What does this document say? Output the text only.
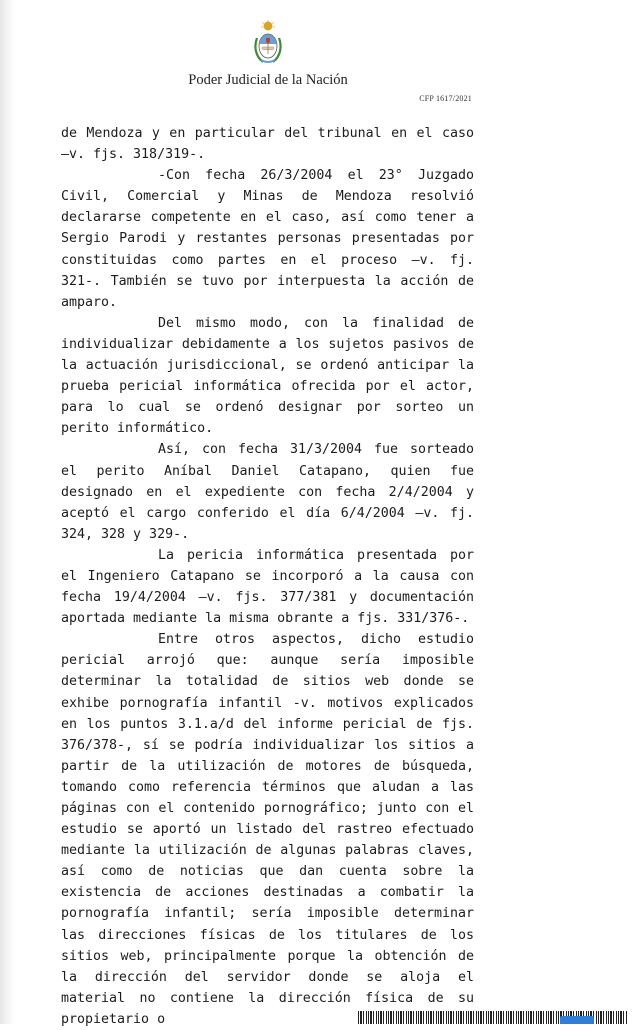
Poder Judicial de la Nación
CFP 1617/2021

de Mendoza y en particular del tribunal en el caso –v. fjs. 318/319-.

-Con fecha 26/3/2004 el 23° Juzgado Civil, Comercial y Minas de Mendoza resolvió declararse competente en el caso, así como tener a Sergio Parodi y restantes personas presentadas por constituidas como partes en el proceso –v. fj. 321-. También se tuvo por interpuesta la acción de amparo.

Del mismo modo, con la finalidad de individualizar debidamente a los sujetos pasivos de la actuación jurisdiccional, se ordenó anticipar la prueba pericial informática ofrecida por el actor, para lo cual se ordenó designar por sorteo un perito informático.

Así, con fecha 31/3/2004 fue sorteado el perito Aníbal Daniel Catapano, quien fue designado en el expediente con fecha 2/4/2004 y aceptó el cargo conferido el día 6/4/2004 –v. fj. 324, 328 y 329-.

La pericia informática presentada por el Ingeniero Catapano se incorporó a la causa con fecha 19/4/2004 –v. fjs. 377/381 y documentación aportada mediante la misma obrante a fjs. 331/376-.

Entre otros aspectos, dicho estudio pericial arrojó que: aunque sería imposible determinar la totalidad de sitios web donde se exhibe pornografía infantil -v. motivos explicados en los puntos 3.1.a/d del informe pericial de fjs. 376/378-, sí se podría individualizar los sitios a partir de la utilización de motores de búsqueda, tomando como referencia términos que aludan a las páginas con el contenido pornográfico; junto con el estudio se aportó un listado del rastreo efectuado mediante la utilización de algunas palabras claves, así como de noticias que dan cuenta sobre la existencia de acciones destinadas a combatir la pornografía infantil; sería imposible determinar las direcciones físicas de los titulares de los sitios web, principalmente porque la obtención de la dirección del servidor donde se aloja el material no contiene la dirección física de su propietario o
